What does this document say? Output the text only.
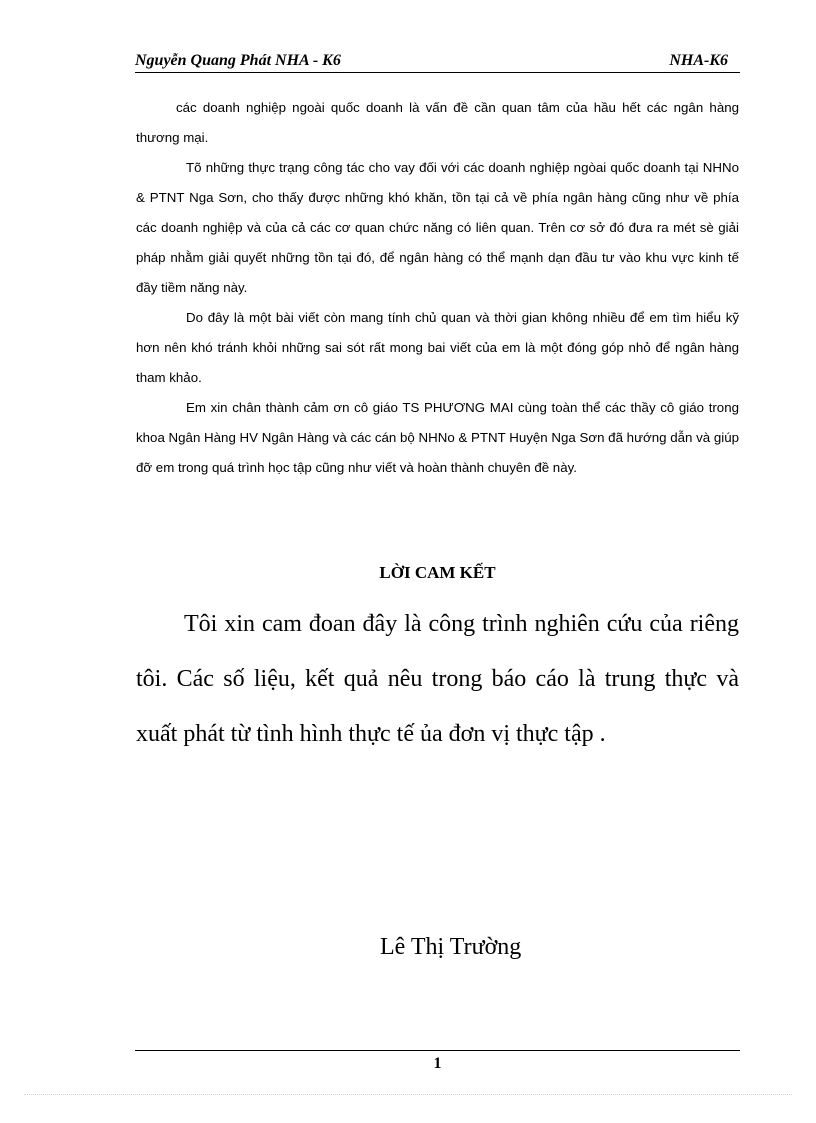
Nguyễn Quang Phát NHA - K6	NHA-K6

các doanh nghiệp ngoài quốc doanh là vấn đề cần quan tâm của hầu hết các ngân hàng thương mại.

Tõ những thực trạng công tác cho vay đối với các doanh nghiệp ngòai quốc doanh tại NHNo & PTNT Nga Sơn, cho thấy được những khó khăn, tồn tại cả về phía ngân hàng cũng như về phía các doanh nghiệp và của cả các cơ quan chức năng có liên quan. Trên cơ sở đó đưa ra mét sè giải pháp nhằm giải quyết những tồn tại đó, để ngân hàng có thể mạnh dạn đầu tư vào khu vực kinh tế đầy tiềm năng này.

Do đây là một bài viết còn mang tính chủ quan và thời gian không nhiều để em tìm hiểu kỹ hơn nên khó tránh khỏi những sai sót rất mong bai viết của em là một đóng góp nhỏ để ngân hàng tham khảo.

Em xin chân thành cảm ơn cô giáo TS PHƯƠNG MAI cùng toàn thể các thầy cô giáo trong khoa Ngân Hàng HV Ngân Hàng và các cán bộ NHNo & PTNT Huyện Nga Sơn đã hướng dẫn và giúp đỡ em trong quá trình học tập cũng như viết và hoàn thành chuyên đề này.

LỜI CAM KẾT

Tôi xin cam đoan đây là công trình nghiên cứu của riêng tôi. Các số liệu, kết quả nêu trong báo cáo là trung thực và xuất phát từ tình hình thực tế ủa đơn vị thực tập .

Lê Thị Trường
1
